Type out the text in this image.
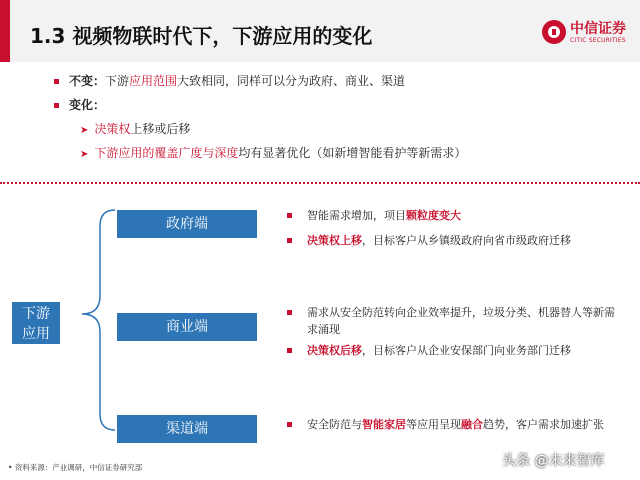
1.3 视频物联时代下，下游应用的变化	中信证券
CITIC SECURITIES
不变：下游应用范围大致相同，同样可以分为政府、商业、渠道
变化：
➤ 决策权上移或后移
➤ 下游应用的覆盖广度与深度均有显著优化（如新增智能看护等新需求）
下游
应用
政府端
商业端
渠道端
智能需求增加，项目颗粒度变大
决策权上移，目标客户从乡镇级政府向省市级政府迁移
需求从安全防范转向企业效率提升，垃圾分类、机器替人等新需求涌现
决策权后移，目标客户从企业安保部门向业务部门迁移
安全防范与智能家居等应用呈现融合趋势，客户需求加速扩张
• 资料来源：产业调研，中信证券研究部	头条 @未来智库
